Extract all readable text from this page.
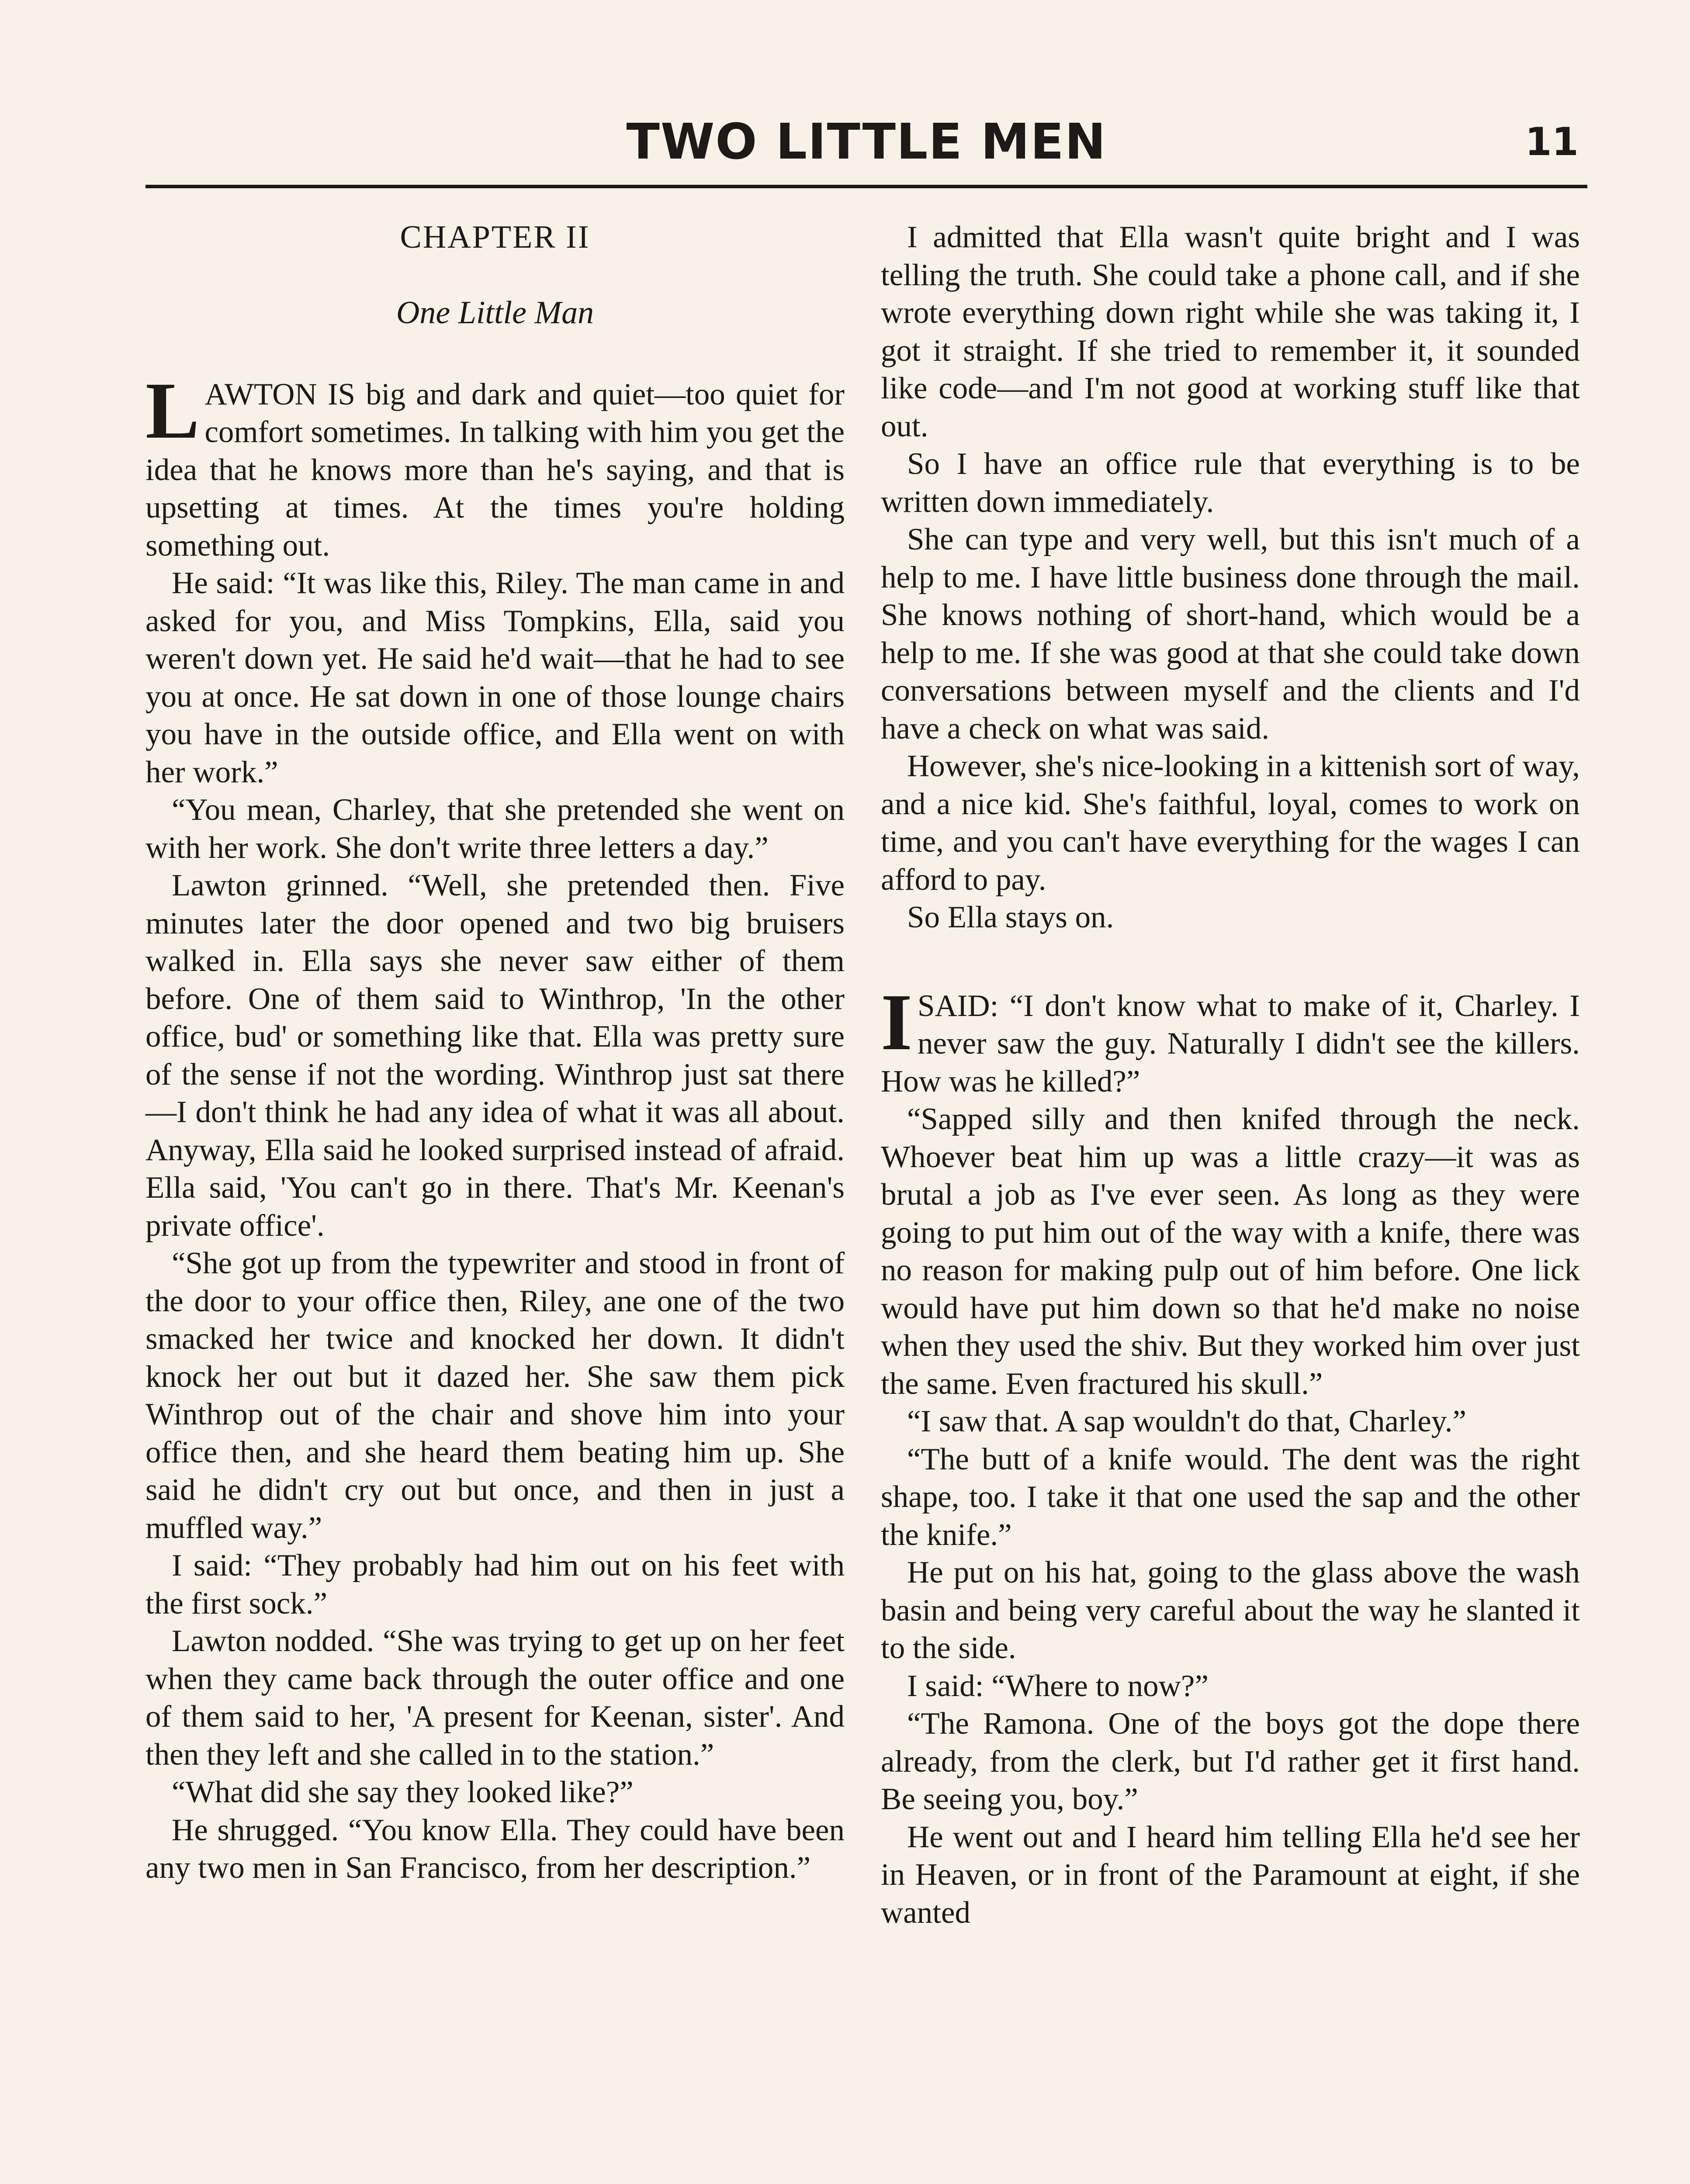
TWO LITTLE MEN	11
CHAPTER II
One Little Man

LAWTON IS big and dark and quiet—too quiet for comfort sometimes. In talking with him you get the idea that he knows more than he's saying, and that is upsetting at times. At the times you're holding something out.

He said: “It was like this, Riley. The man came in and asked for you, and Miss Tompkins, Ella, said you weren't down yet. He said he'd wait—that he had to see you at once. He sat down in one of those lounge chairs you have in the outside office, and Ella went on with her work.”

“You mean, Charley, that she pretended she went on with her work. She don't write three letters a day.”

Lawton grinned. “Well, she pretended then. Five minutes later the door opened and two big bruisers walked in. Ella says she never saw either of them before. One of them said to Winthrop, 'In the other office, bud' or something like that. Ella was pretty sure of the sense if not the wording. Winthrop just sat there—I don't think he had any idea of what it was all about. Anyway, Ella said he looked surprised instead of afraid. Ella said, 'You can't go in there. That's Mr. Keenan's private office'.

“She got up from the typewriter and stood in front of the door to your office then, Riley, ane one of the two smacked her twice and knocked her down. It didn't knock her out but it dazed her. She saw them pick Winthrop out of the chair and shove him into your office then, and she heard them beating him up. She said he didn't cry out but once, and then in just a muffled way.”

I said: “They probably had him out on his feet with the first sock.”

Lawton nodded. “She was trying to get up on her feet when they came back through the outer office and one of them said to her, 'A present for Keenan, sister'. And then they left and she called in to the station.”

“What did she say they looked like?”

He shrugged. “You know Ella. They could have been any two men in San Francisco, from her description.”

I admitted that Ella wasn't quite bright and I was telling the truth. She could take a phone call, and if she wrote everything down right while she was taking it, I got it straight. If she tried to remember it, it sounded like code—and I'm not good at working stuff like that out.

So I have an office rule that everything is to be written down immediately.

She can type and very well, but this isn't much of a help to me. I have little business done through the mail. She knows nothing of short-hand, which would be a help to me. If she was good at that she could take down conversations between myself and the clients and I'd have a check on what was said.

However, she's nice-looking in a kittenish sort of way, and a nice kid. She's faithful, loyal, comes to work on time, and you can't have everything for the wages I can afford to pay.

So Ella stays on.

I SAID: “I don't know what to make of it, Charley. I never saw the guy. Naturally I didn't see the killers. How was he killed?”

“Sapped silly and then knifed through the neck. Whoever beat him up was a little crazy—it was as brutal a job as I've ever seen. As long as they were going to put him out of the way with a knife, there was no reason for making pulp out of him before. One lick would have put him down so that he'd make no noise when they used the shiv. But they worked him over just the same. Even fractured his skull.”

“I saw that. A sap wouldn't do that, Charley.”

“The butt of a knife would. The dent was the right shape, too. I take it that one used the sap and the other the knife.”

He put on his hat, going to the glass above the wash basin and being very careful about the way he slanted it to the side.

I said: “Where to now?”

“The Ramona. One of the boys got the dope there already, from the clerk, but I'd rather get it first hand. Be seeing you, boy.”

He went out and I heard him telling Ella he'd see her in Heaven, or in front of the Paramount at eight, if she wanted
